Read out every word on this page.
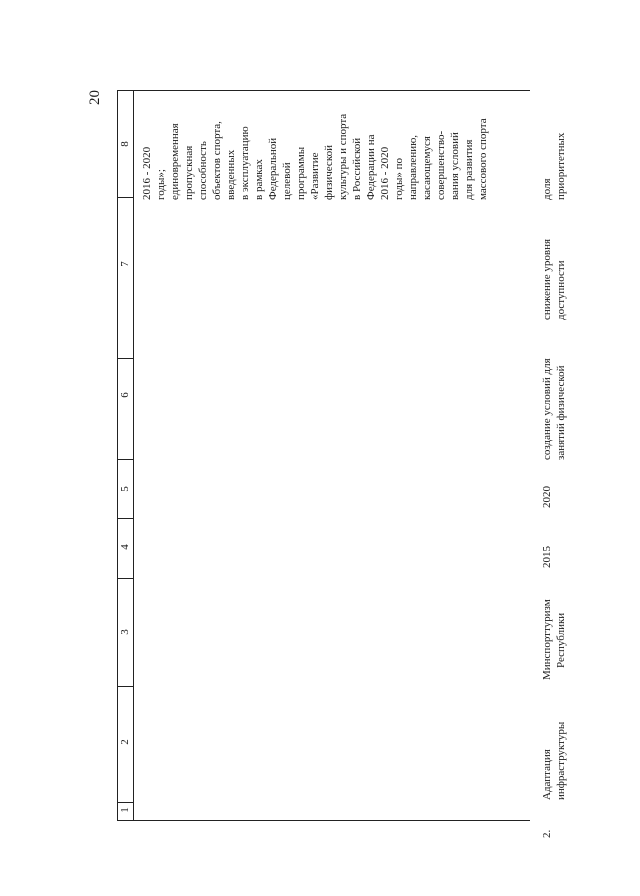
20
8
7
6
5
4
3
2
1
2016 - 2020 годы»; единовременная пропускная способность объектов спорта, введенных в эксплуатацию в рамках Федеральной целевой программы «Развитие физической культуры и спорта в Российской Федерации на 2016 - 2020 годы» по направлению, касающемуся совершенство- вания условий для развития массового спорта
2.
Адаптация инфраструктуры
Минспорттуризм Республики
2015
2020
создание условий для занятий физической
снижение уровня доступности
доля приоритетных
